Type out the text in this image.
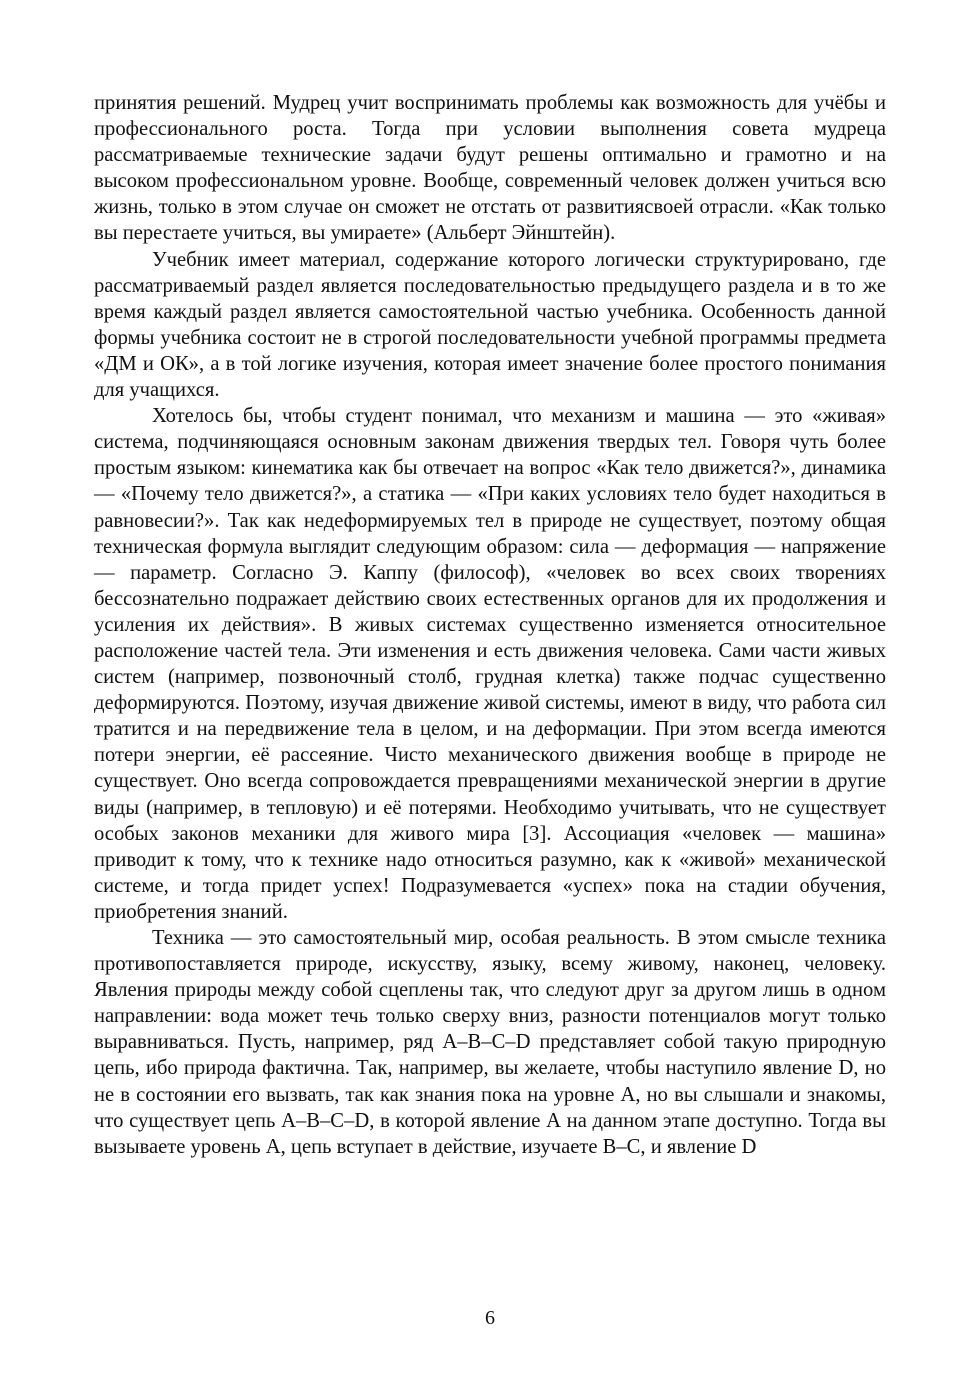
принятия решений. Мудрец учит воспринимать проблемы как возможность для учёбы и профессионального роста. Тогда при условии выполнения совета мудреца рассматриваемые технические задачи будут решены оптимально и грамотно и на высоком профессиональном уровне. Вообще, современный человек должен учиться всю жизнь, только в этом случае он сможет не отстать от развитиясвоей отрасли. «Как только вы перестаете учиться, вы умираете» (Альберт Эйнштейн).

Учебник имеет материал, содержание которого логически структурировано, где рассматриваемый раздел является последовательностью предыдущего раздела и в то же время каждый раздел является самостоятельной частью учебника. Особенность данной формы учебника состоит не в строгой последовательности учебной программы предмета «ДМ и ОК», а в той логике изучения, которая имеет значение более простого понимания для учащихся.

Хотелось бы, чтобы студент понимал, что механизм и машина — это «живая» система, подчиняющаяся основным законам движения твердых тел. Говоря чуть более простым языком: кинематика как бы отвечает на вопрос «Как тело движется?», динамика — «Почему тело движется?», а статика — «При каких условиях тело будет находиться в равновесии?». Так как недеформируемых тел в природе не существует, поэтому общая техническая формула выглядит следующим образом: сила — деформация — напряжение — параметр. Согласно Э. Каппу (философ), «человек во всех своих творениях бессознательно подражает действию своих естественных органов для их продолжения и усиления их действия». В живых системах существенно изменяется относительное расположение частей тела. Эти изменения и есть движения человека. Сами части живых систем (например, позвоночный столб, грудная клетка) также подчас существенно деформируются. Поэтому, изучая движение живой системы, имеют в виду, что работа сил тратится и на передвижение тела в целом, и на деформации. При этом всегда имеются потери энергии, её рассеяние. Чисто механического движения вообще в природе не существует. Оно всегда сопровождается превращениями механической энергии в другие виды (например, в тепловую) и её потерями. Необходимо учитывать, что не существует особых законов механики для живого мира [3]. Ассоциация «человек — машина» приводит к тому, что к технике надо относиться разумно, как к «живой» механической системе, и тогда придет успех! Подразумевается «успех» пока на стадии обучения, приобретения знаний.

Техника — это самостоятельный мир, особая реальность. В этом смысле техника противопоставляется природе, искусству, языку, всему живому, наконец, человеку. Явления природы между собой сцеплены так, что следуют друг за другом лишь в одном направлении: вода может течь только сверху вниз, разности потенциалов могут только выравниваться. Пусть, например, ряд А–В–С–D представляет собой такую природную цепь, ибо природа фактична. Так, например, вы желаете, чтобы наступило явление D, но не в состоянии его вызвать, так как знания пока на уровне А, но вы слышали и знакомы, что существует цепь А–В–С–D, в которой явление А на данном этапе доступно. Тогда вы вызываете уровень А, цепь вступает в действие, изучаете В–С, и явление D

6
